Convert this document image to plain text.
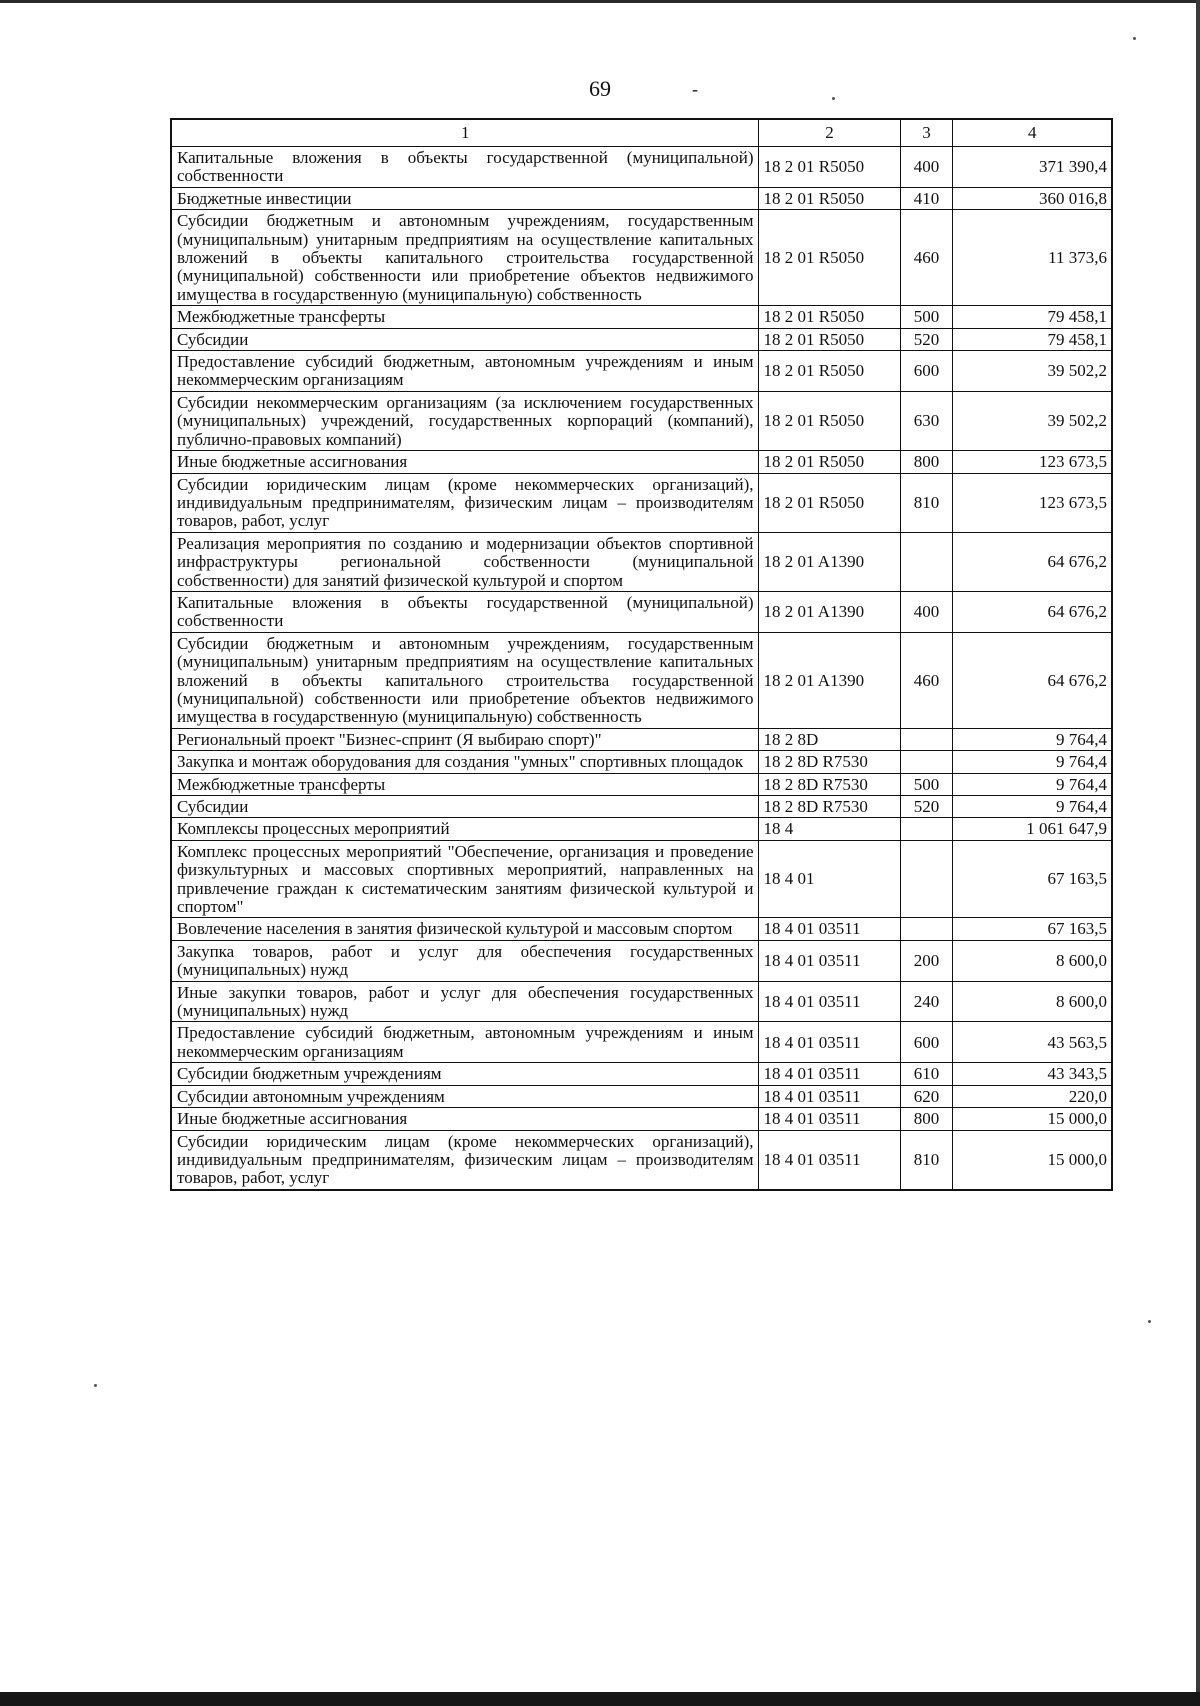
69	-
1	2	3	4
Капитальные вложения в объекты государственной (муниципальной) собственности	18 2 01 R5050	400	371 390,4
Бюджетные инвестиции	18 2 01 R5050	410	360 016,8
Субсидии бюджетным и автономным учреждениям, государственным (муниципальным) унитарным предприятиям на осуществление капитальных вложений в объекты капитального строительства государственной (муниципальной) собственности или приобретение объектов недвижимого имущества в государственную (муниципальную) собственность	18 2 01 R5050	460	11 373,6
Межбюджетные трансферты	18 2 01 R5050	500	79 458,1
Субсидии	18 2 01 R5050	520	79 458,1
Предоставление субсидий бюджетным, автономным учреждениям и иным некоммерческим организациям	18 2 01 R5050	600	39 502,2
Субсидии некоммерческим организациям (за исключением государственных (муниципальных) учреждений, государственных корпораций (компаний), публично-правовых компаний)	18 2 01 R5050	630	39 502,2
Иные бюджетные ассигнования	18 2 01 R5050	800	123 673,5
Субсидии юридическим лицам (кроме некоммерческих организаций), индивидуальным предпринимателям, физическим лицам – производителям товаров, работ, услуг	18 2 01 R5050	810	123 673,5
Реализация мероприятия по созданию и модернизации объектов спортивной инфраструктуры региональной собственности (муниципальной собственности) для занятий физической культурой и спортом	18 2 01 A1390		64 676,2
Капитальные вложения в объекты государственной (муниципальной) собственности	18 2 01 A1390	400	64 676,2
Субсидии бюджетным и автономным учреждениям, государственным (муниципальным) унитарным предприятиям на осуществление капитальных вложений в объекты капитального строительства государственной (муниципальной) собственности или приобретение объектов недвижимого имущества в государственную (муниципальную) собственность	18 2 01 A1390	460	64 676,2
Региональный проект "Бизнес-спринт (Я выбираю спорт)"	18 2 8D		9 764,4
Закупка и монтаж оборудования для создания "умных" спортивных площадок	18 2 8D R7530		9 764,4
Межбюджетные трансферты	18 2 8D R7530	500	9 764,4
Субсидии	18 2 8D R7530	520	9 764,4
Комплексы процессных мероприятий	18 4		1 061 647,9
Комплекс процессных мероприятий "Обеспечение, организация и проведение физкультурных и массовых спортивных мероприятий, направленных на привлечение граждан к систематическим занятиям физической культурой и спортом"	18 4 01		67 163,5
Вовлечение населения в занятия физической культурой и массовым спортом	18 4 01 03511		67 163,5
Закупка товаров, работ и услуг для обеспечения государственных (муниципальных) нужд	18 4 01 03511	200	8 600,0
Иные закупки товаров, работ и услуг для обеспечения государственных (муниципальных) нужд	18 4 01 03511	240	8 600,0
Предоставление субсидий бюджетным, автономным учреждениям и иным некоммерческим организациям	18 4 01 03511	600	43 563,5
Субсидии бюджетным учреждениям	18 4 01 03511	610	43 343,5
Субсидии автономным учреждениям	18 4 01 03511	620	220,0
Иные бюджетные ассигнования	18 4 01 03511	800	15 000,0
Субсидии юридическим лицам (кроме некоммерческих организаций), индивидуальным предпринимателям, физическим лицам – производителям товаров, работ, услуг	18 4 01 03511	810	15 000,0
